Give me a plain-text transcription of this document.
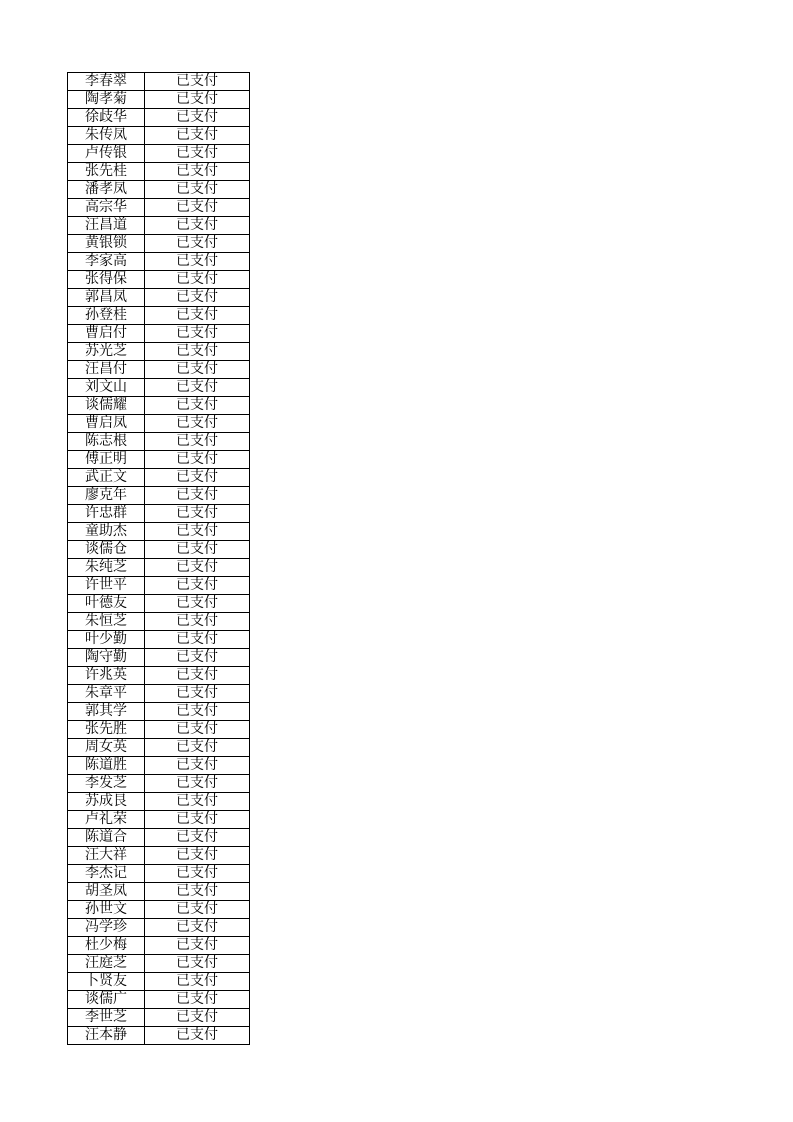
李春翠	已支付
陶孝菊	已支付
徐歧华	已支付
朱传凤	已支付
卢传银	已支付
张先桂	已支付
潘孝凤	已支付
高宗华	已支付
汪昌道	已支付
黄银锁	已支付
李家高	已支付
张得保	已支付
郭昌凤	已支付
孙登桂	已支付
曹启付	已支付
苏光芝	已支付
汪昌付	已支付
刘文山	已支付
谈儒耀	已支付
曹启凤	已支付
陈志根	已支付
傅正明	已支付
武正文	已支付
廖克年	已支付
许忠群	已支付
童助杰	已支付
谈儒仓	已支付
朱纯芝	已支付
许世平	已支付
叶德友	已支付
朱恒芝	已支付
叶少勤	已支付
陶守勤	已支付
许兆英	已支付
朱章平	已支付
郭其学	已支付
张先胜	已支付
周女英	已支付
陈道胜	已支付
李发芝	已支付
苏成艮	已支付
卢礼荣	已支付
陈道合	已支付
汪大祥	已支付
李杰记	已支付
胡圣凤	已支付
孙世文	已支付
冯学珍	已支付
杜少梅	已支付
汪庭芝	已支付
卜贤友	已支付
谈儒广	已支付
李世芝	已支付
汪本静	已支付
